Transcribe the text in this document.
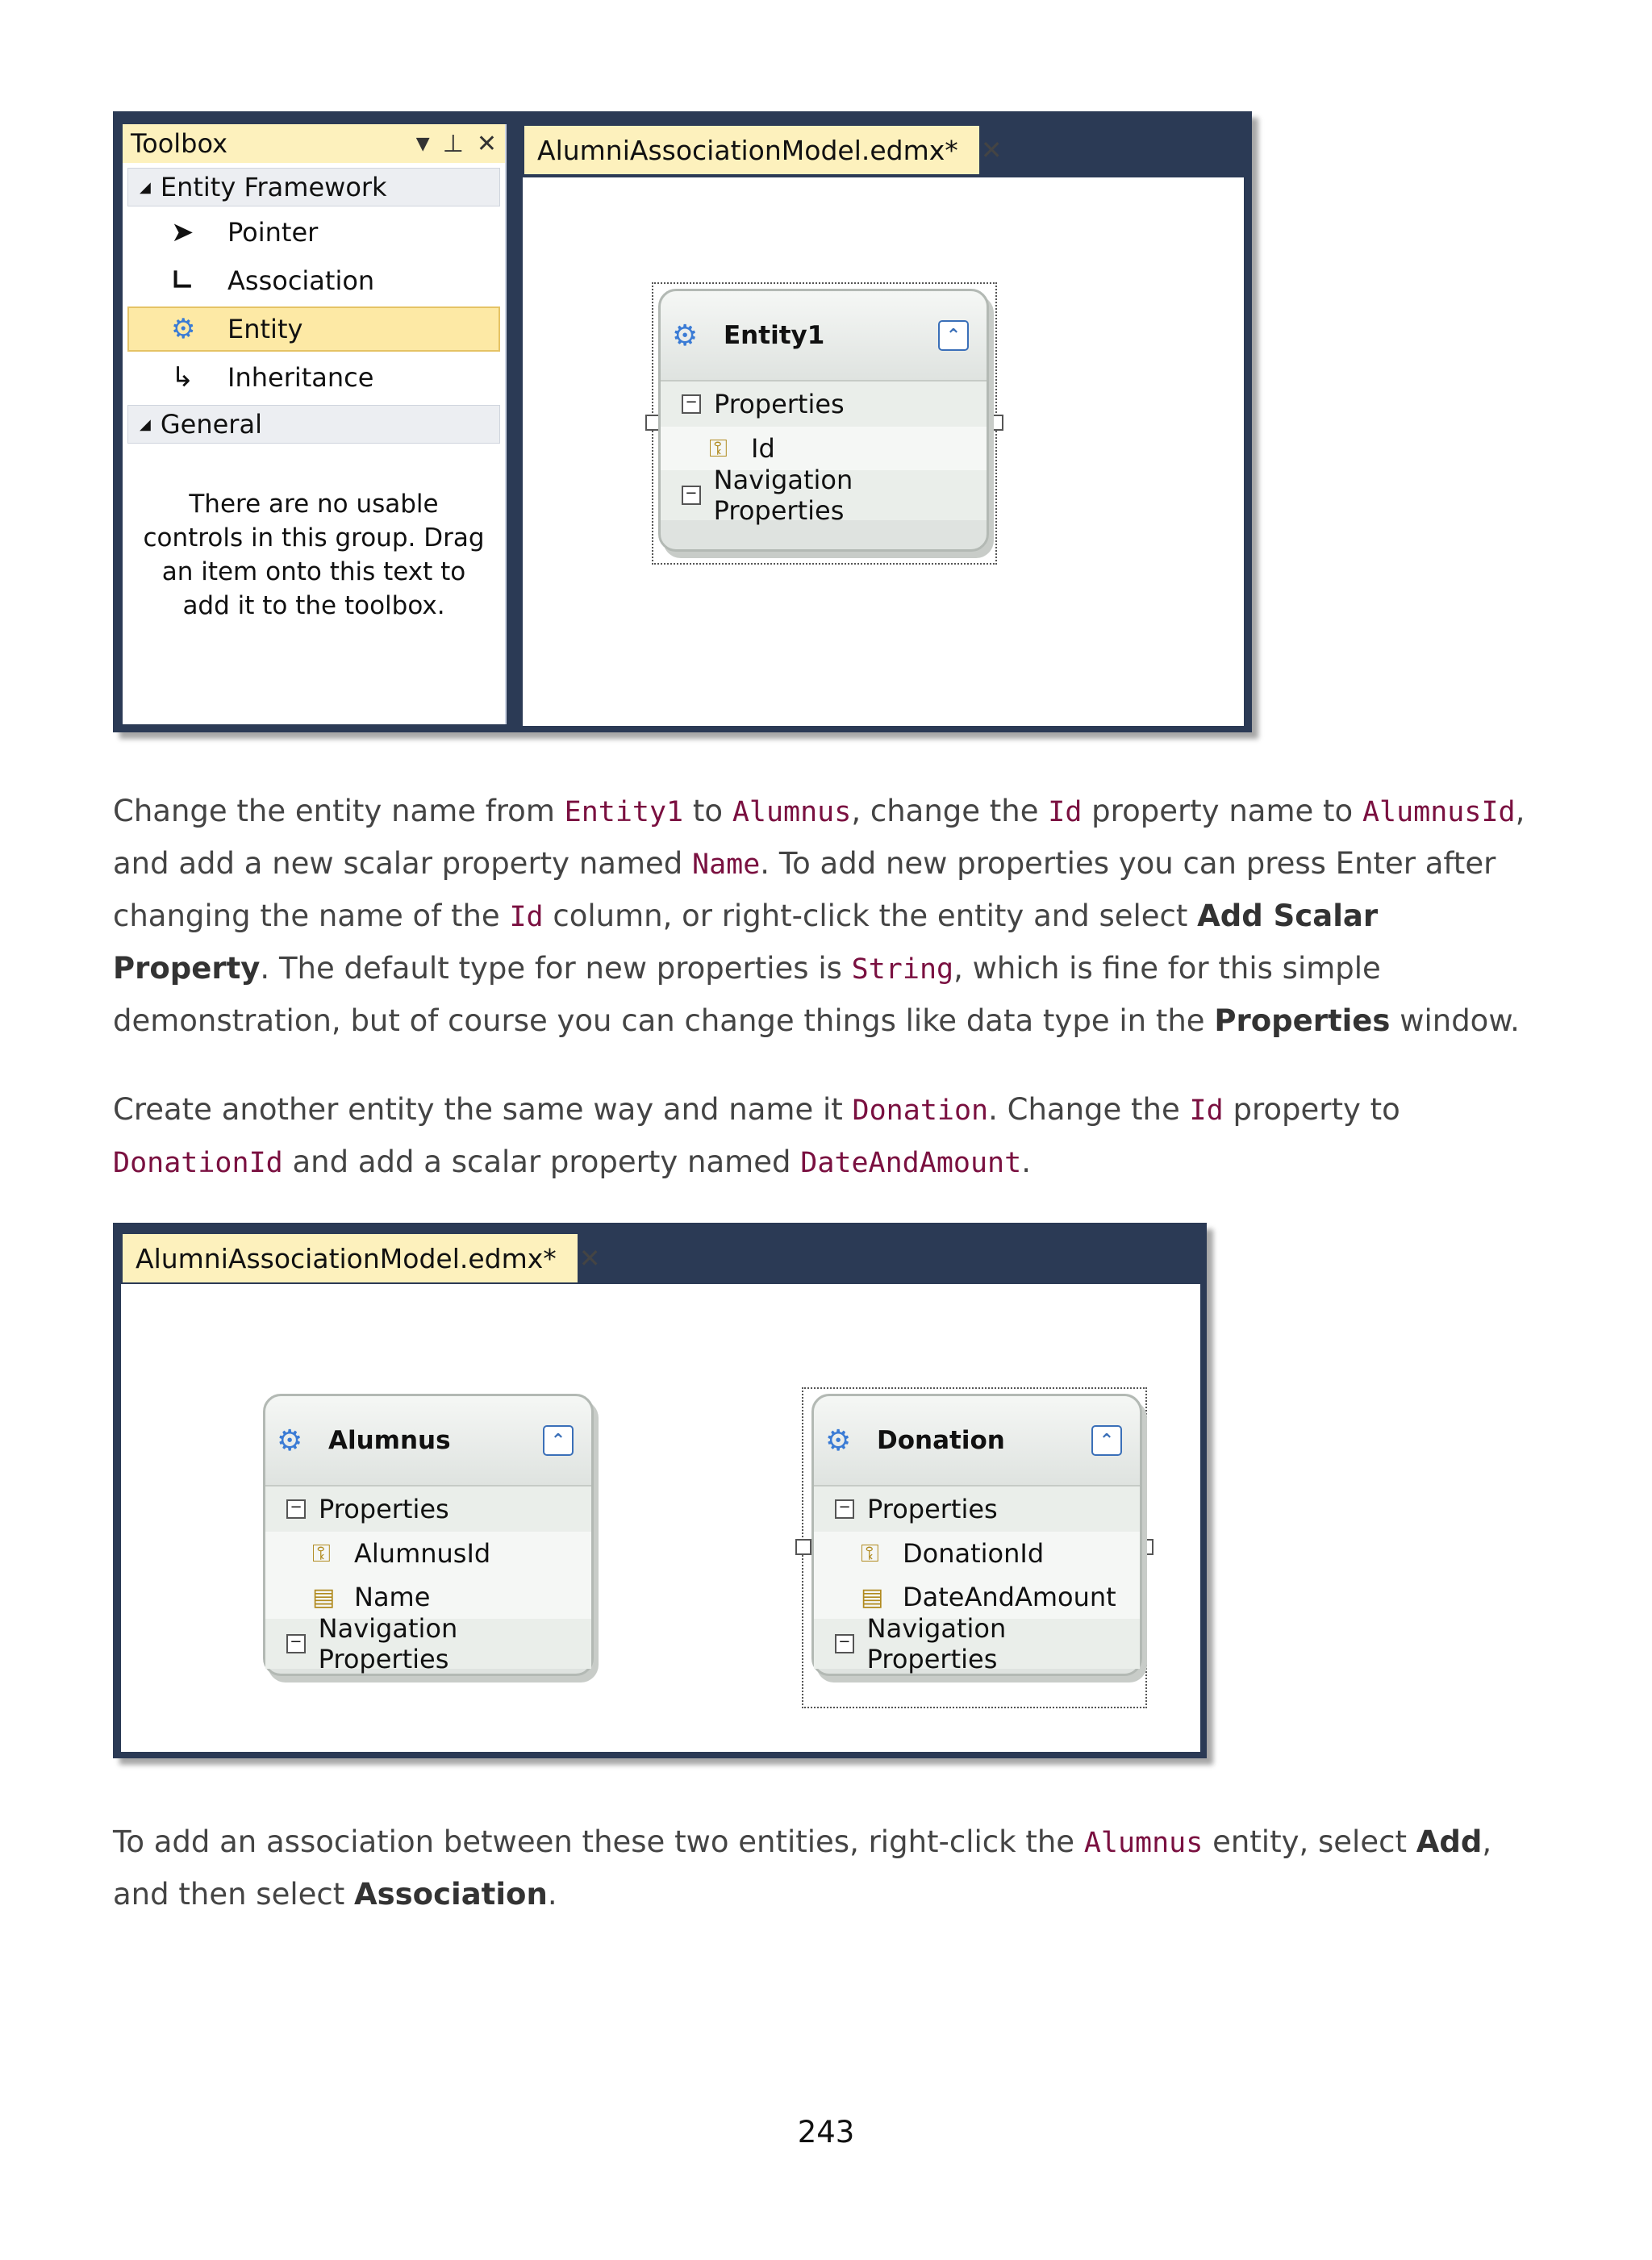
Toolbox	▼ ⊥ ✕
◢ Entity Framework
➤	Pointer
∟	Association
⚙	Entity
↳	Inheritance
◢ General
There are no usable controls in this group. Drag an item onto this text to add it to the toolbox.
AlumniAssociationModel.edmx* ✕
⚙	Entity1	⌃
− Properties
⚿ Id
− Navigation Properties
Change the entity name from Entity1 to Alumnus, change the Id property name to AlumnusId, and add a new scalar property named Name. To add new properties you can press Enter after changing the name of the Id column, or right-click the entity and select Add Scalar Property. The default type for new properties is String, which is fine for this simple demonstration, but of course you can change things like data type in the Properties window.
Create another entity the same way and name it Donation. Change the Id property to DonationId and add a scalar property named DateAndAmount.
AlumniAssociationModel.edmx* ✕
⚙	Alumnus	⌃
− Properties
⚿ AlumnusId
▤ Name
− Navigation Properties
⚙	Donation	⌃
− Properties
⚿ DonationId
▤ DateAndAmount
− Navigation Properties
To add an association between these two entities, right-click the Alumnus entity, select Add, and then select Association.
243
